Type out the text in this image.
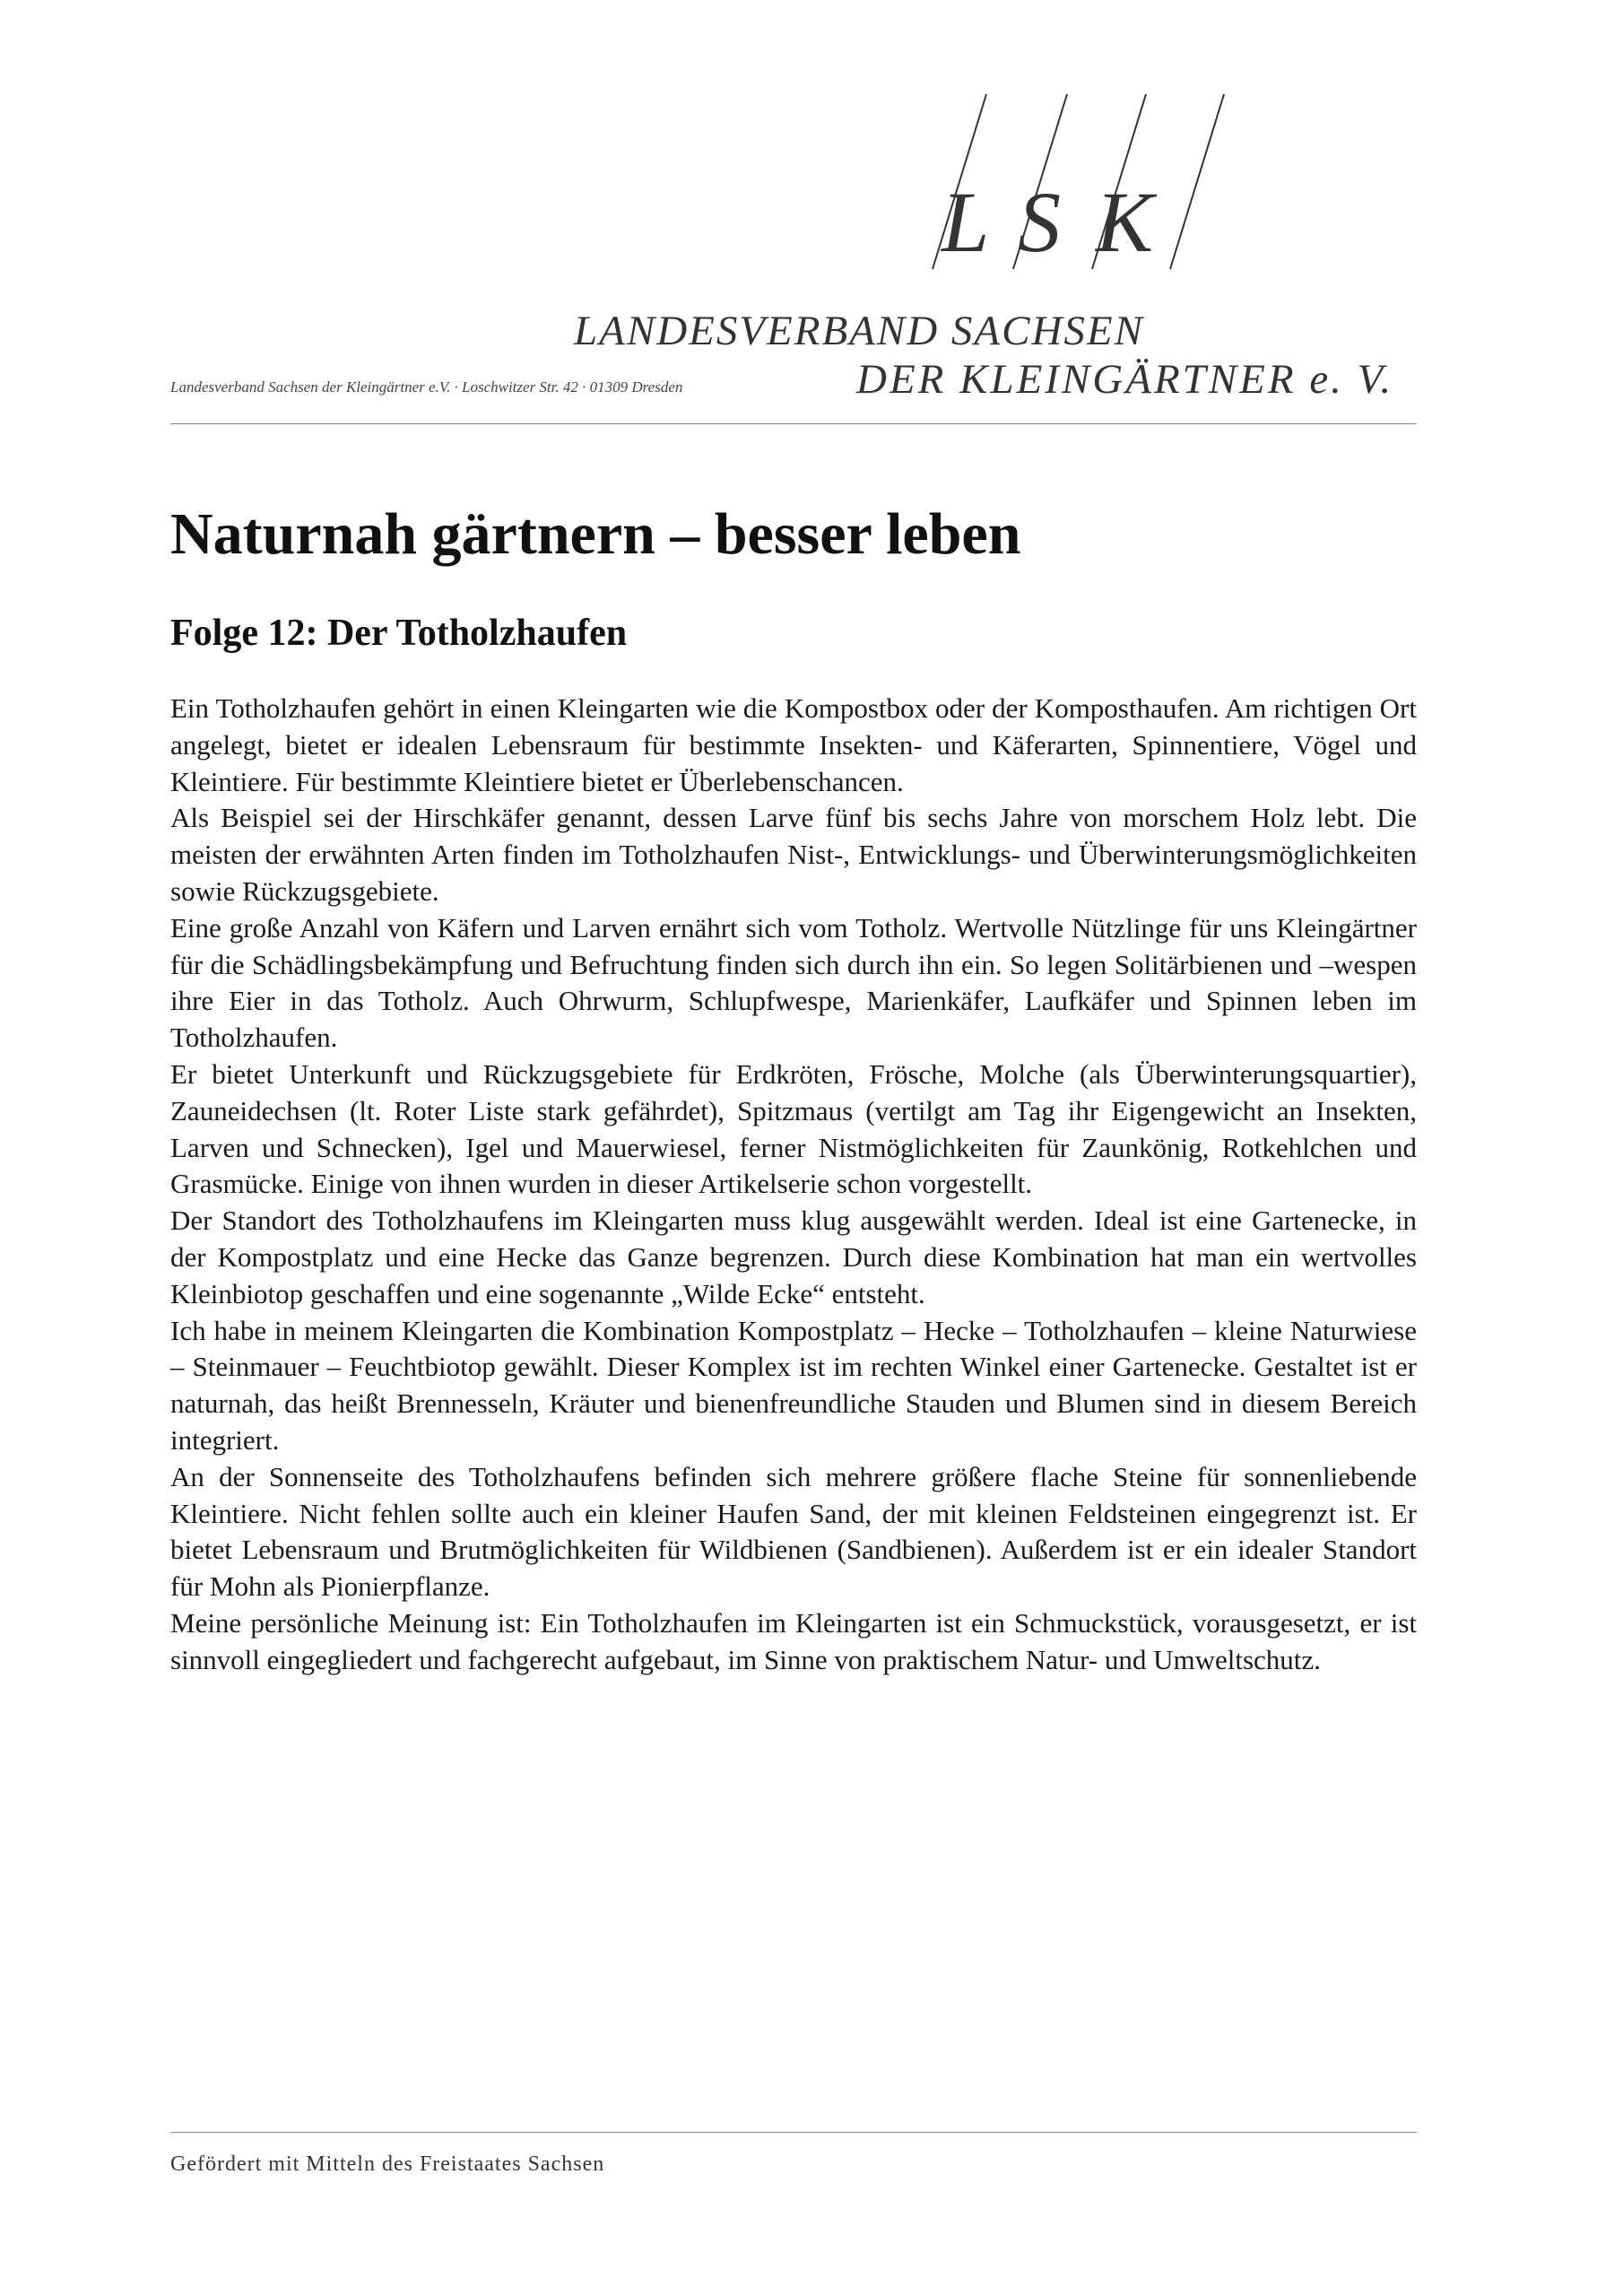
L S K
LANDESVERBAND SACHSEN
DER KLEINGÄRTNER e. V.
Landesverband Sachsen der Kleingärtner e.V. · Loschwitzer Str. 42 · 01309 Dresden
Naturnah gärtnern – besser leben
Folge 12: Der Totholzhaufen

Ein Totholzhaufen gehört in einen Kleingarten wie die Kompostbox oder der Komposthaufen. Am richtigen Ort angelegt, bietet er idealen Lebensraum für bestimmte Insekten- und Käferarten, Spinnentiere, Vögel und Kleintiere. Für bestimmte Kleintiere bietet er Überlebenschancen.

Als Beispiel sei der Hirschkäfer genannt, dessen Larve fünf bis sechs Jahre von morschem Holz lebt. Die meisten der erwähnten Arten finden im Totholzhaufen Nist-, Entwicklungs- und Überwinterungsmöglichkeiten sowie Rückzugsgebiete.

Eine große Anzahl von Käfern und Larven ernährt sich vom Totholz. Wertvolle Nützlinge für uns Kleingärtner für die Schädlingsbekämpfung und Befruchtung finden sich durch ihn ein. So legen Solitärbienen und –wespen ihre Eier in das Totholz. Auch Ohrwurm, Schlupfwespe, Marienkäfer, Laufkäfer und Spinnen leben im Totholzhaufen.

Er bietet Unterkunft und Rückzugsgebiete für Erdkröten, Frösche, Molche (als Überwinterungsquartier), Zauneidechsen (lt. Roter Liste stark gefährdet), Spitzmaus (vertilgt am Tag ihr Eigengewicht an Insekten, Larven und Schnecken), Igel und Mauerwiesel, ferner Nistmöglichkeiten für Zaunkönig, Rotkehlchen und Grasmücke. Einige von ihnen wurden in dieser Artikelserie schon vorgestellt.

Der Standort des Totholzhaufens im Kleingarten muss klug ausgewählt werden. Ideal ist eine Gartenecke, in der Kompostplatz und eine Hecke das Ganze begrenzen. Durch diese Kombination hat man ein wertvolles Kleinbiotop geschaffen und eine sogenannte „Wilde Ecke“ entsteht.

Ich habe in meinem Kleingarten die Kombination Kompostplatz – Hecke – Totholzhaufen – kleine Naturwiese – Steinmauer – Feuchtbiotop gewählt. Dieser Komplex ist im rechten Winkel einer Gartenecke. Gestaltet ist er naturnah, das heißt Brennesseln, Kräuter und bienenfreundliche Stauden und Blumen sind in diesem Bereich integriert.

An der Sonnenseite des Totholzhaufens befinden sich mehrere größere flache Steine für sonnenliebende Kleintiere. Nicht fehlen sollte auch ein kleiner Haufen Sand, der mit kleinen Feldsteinen eingegrenzt ist. Er bietet Lebensraum und Brutmöglichkeiten für Wildbienen (Sandbienen). Außerdem ist er ein idealer Standort für Mohn als Pionierpflanze.

Meine persönliche Meinung ist: Ein Totholzhaufen im Kleingarten ist ein Schmuckstück, vorausgesetzt, er ist sinnvoll eingegliedert und fachgerecht aufgebaut, im Sinne von praktischem Natur- und Umweltschutz.

Gefördert mit Mitteln des Freistaates Sachsen
